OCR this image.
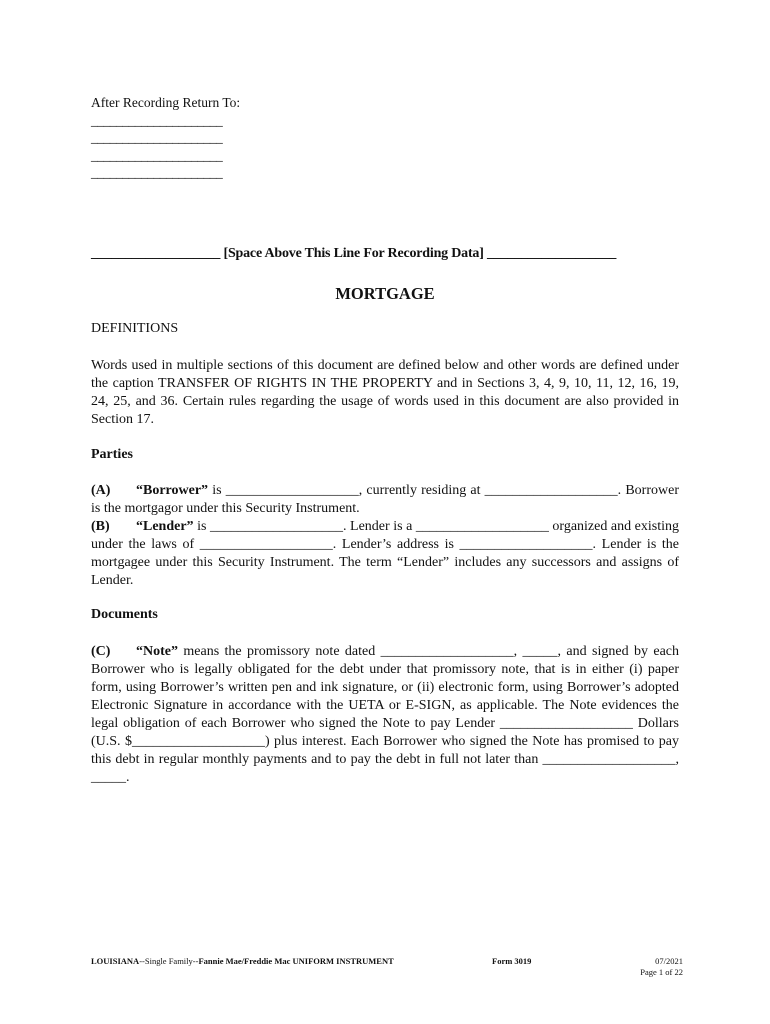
After Recording Return To:
_____________________
_____________________
_____________________
_____________________
___________________ [Space Above This Line For Recording Data] ___________________
MORTGAGE
DEFINITIONS
Words used in multiple sections of this document are defined below and other words are defined under the caption TRANSFER OF RIGHTS IN THE PROPERTY and in Sections 3, 4, 9, 10, 11, 12, 16, 19, 24, 25, and 36. Certain rules regarding the usage of words used in this document are also provided in Section 17.
Parties
(A) “Borrower” is ___________________, currently residing at ___________________. Borrower is the mortgagor under this Security Instrument.
(B) “Lender” is ___________________. Lender is a ___________________ organized and existing under the laws of ___________________. Lender’s address is ___________________. Lender is the mortgagee under this Security Instrument. The term “Lender” includes any successors and assigns of Lender.
Documents
(C) “Note” means the promissory note dated ___________________, _____, and signed by each Borrower who is legally obligated for the debt under that promissory note, that is in either (i) paper form, using Borrower’s written pen and ink signature, or (ii) electronic form, using Borrower’s adopted Electronic Signature in accordance with the UETA or E-SIGN, as applicable. The Note evidences the legal obligation of each Borrower who signed the Note to pay Lender ___________________ Dollars (U.S. $___________________) plus interest. Each Borrower who signed the Note has promised to pay this debt in regular monthly payments and to pay the debt in full not later than ___________________, _____.
LOUISIANA--Single Family--Fannie Mae/Freddie Mac UNIFORM INSTRUMENT	Form 3019	07/2021
Page 1 of 22
